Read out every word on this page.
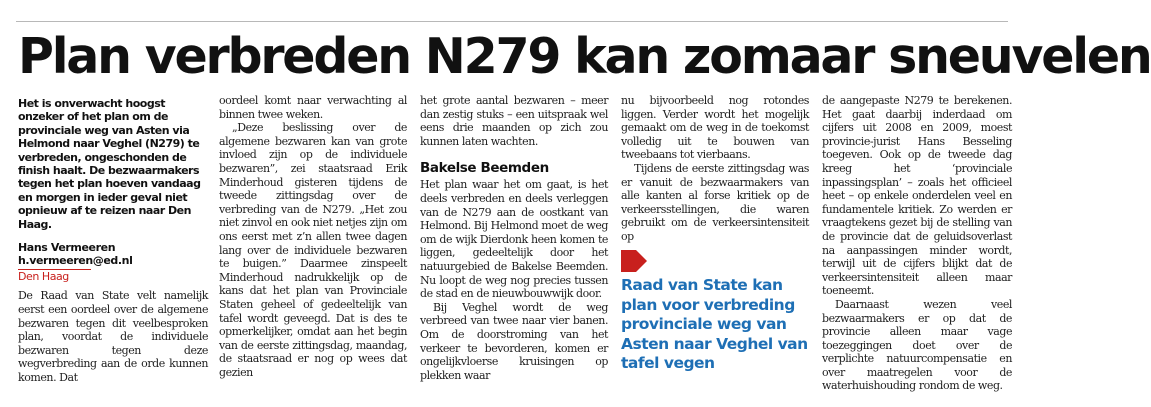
Plan verbreden N279 kan zomaar sneuvelen
Het is onverwacht hoogst onzeker of het plan om de provinciale weg van Asten via Helmond naar Veghel (N279) te verbreden, ongeschonden de finish haalt. De bezwaarmakers tegen het plan hoeven vandaag en morgen in ieder geval niet opnieuw af te reizen naar Den Haag.
Hans Vermeeren
h.vermeeren@ed.nl
Den Haag

De Raad van State velt namelijk eerst een oordeel over de algemene bezwaren tegen dit veelbesproken plan, voordat de individuele bezwaren tegen deze wegverbreding aan de orde kunnen komen. Dat

oordeel komt naar verwachting al binnen twee weken.

„Deze beslissing over de algemene bezwaren kan van grote invloed zijn op de individuele bezwaren”, zei staatsraad Erik Minderhoud gisteren tijdens de tweede zittingsdag over de verbreding van de N279. „Het zou niet zinvol en ook niet netjes zijn om ons eerst met z’n allen twee dagen lang over de individuele bezwaren te buigen.” Daarmee zinspeelt Minderhoud nadrukkelijk op de kans dat het plan van Provinciale Staten geheel of gedeeltelijk van tafel wordt geveegd. Dat is des te opmerkelijker, omdat aan het begin van de eerste zittingsdag, maandag, de staatsraad er nog op wees dat gezien

het grote aantal bezwaren – meer dan zestig stuks – een uitspraak wel eens drie maanden op zich zou kunnen laten wachten.

Bakelse Beemden

Het plan waar het om gaat, is het deels verbreden en deels verleggen van de N279 aan de oostkant van Helmond. Bij Helmond moet de weg om de wijk Dierdonk heen komen te liggen, gedeeltelijk door het natuurgebied de Bakelse Beemden. Nu loopt de weg nog precies tussen de stad en de nieuwbouwwijk door.

Bij Veghel wordt de weg verbreed van twee naar vier banen. Om de doorstroming van het verkeer te bevorderen, komen er ongelijkvloerse kruisingen op plekken waar

nu bijvoorbeeld nog rotondes liggen. Verder wordt het mogelijk gemaakt om de weg in de toekomst volledig uit te bouwen van tweebaans tot vierbaans.

Tijdens de eerste zittingsdag was er vanuit de bezwaarmakers van alle kanten al forse kritiek op de verkeersstellingen, die waren gebruikt om de verkeersintensiteit op

Raad van State kan plan voor verbreding provinciale weg van Asten naar Veghel van tafel vegen

de aangepaste N279 te berekenen. Het gaat daarbij inderdaad om cijfers uit 2008 en 2009, moest provincie-jurist Hans Besseling toegeven. Ook op de tweede dag kreeg het ‘provinciale inpassingsplan’ – zoals het officieel heet – op enkele onderdelen veel en fundamentele kritiek. Zo werden er vraagtekens gezet bij de stelling van de provincie dat de geluidsoverlast na aanpassingen minder wordt, terwijl uit de cijfers blijkt dat de verkeersintensiteit alleen maar toeneemt.

Daarnaast wezen veel bezwaarmakers er op dat de provincie alleen maar vage toezeggingen doet over de verplichte natuurcompensatie en over maatregelen voor de waterhuishouding rondom de weg.
